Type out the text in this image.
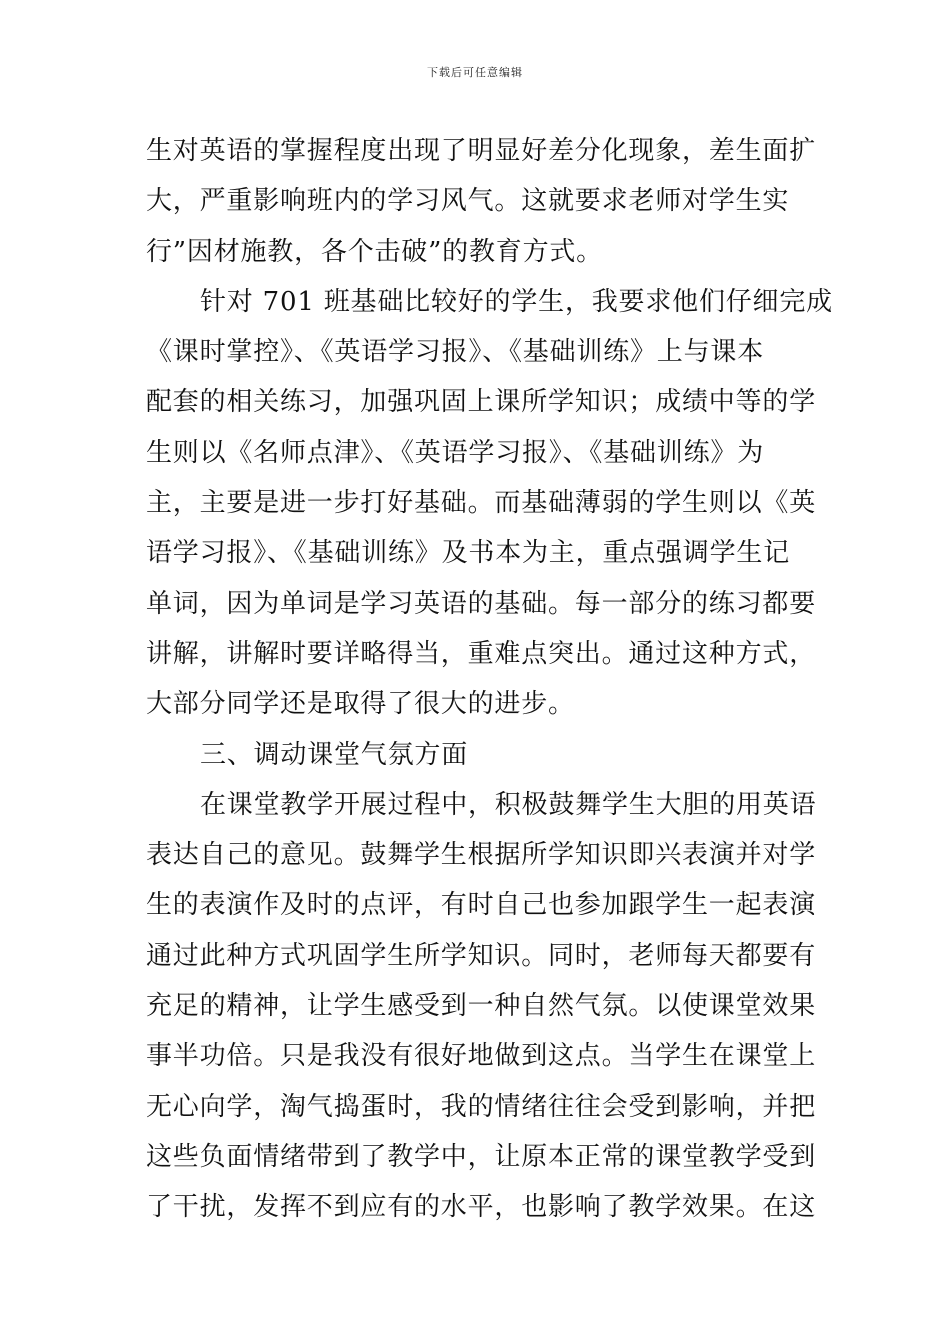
下载后可任意编辑

生对英语的掌握程度出现了明显好差分化现象，差生面扩
大，严重影响班内的学习风气。这就要求老师对学生实
行”因材施教，各个击破”的教育方式。

针对 701 班基础比较好的学生，我要求他们仔细完成
《课时掌控》、《英语学习报》、《基础训练》上与课本
配套的相关练习，加强巩固上课所学知识；成绩中等的学
生则以《名师点津》、《英语学习报》、《基础训练》为
主，主要是进一步打好基础。而基础薄弱的学生则以《英
语学习报》、《基础训练》及书本为主，重点强调学生记
单词，因为单词是学习英语的基础。每一部分的练习都要
讲解，讲解时要详略得当，重难点突出。通过这种方式，
大部分同学还是取得了很大的进步。

三、调动课堂气氛方面

在课堂教学开展过程中，积极鼓舞学生大胆的用英语
表达自己的意见。鼓舞学生根据所学知识即兴表演并对学
生的表演作及时的点评，有时自己也参加跟学生一起表演
通过此种方式巩固学生所学知识。同时，老师每天都要有
充足的精神，让学生感受到一种自然气氛。以使课堂效果
事半功倍。只是我没有很好地做到这点。当学生在课堂上
无心向学，淘气捣蛋时，我的情绪往往会受到影响，并把
这些负面情绪带到了教学中，让原本正常的课堂教学受到
了干扰，发挥不到应有的水平，也影响了教学效果。在这
